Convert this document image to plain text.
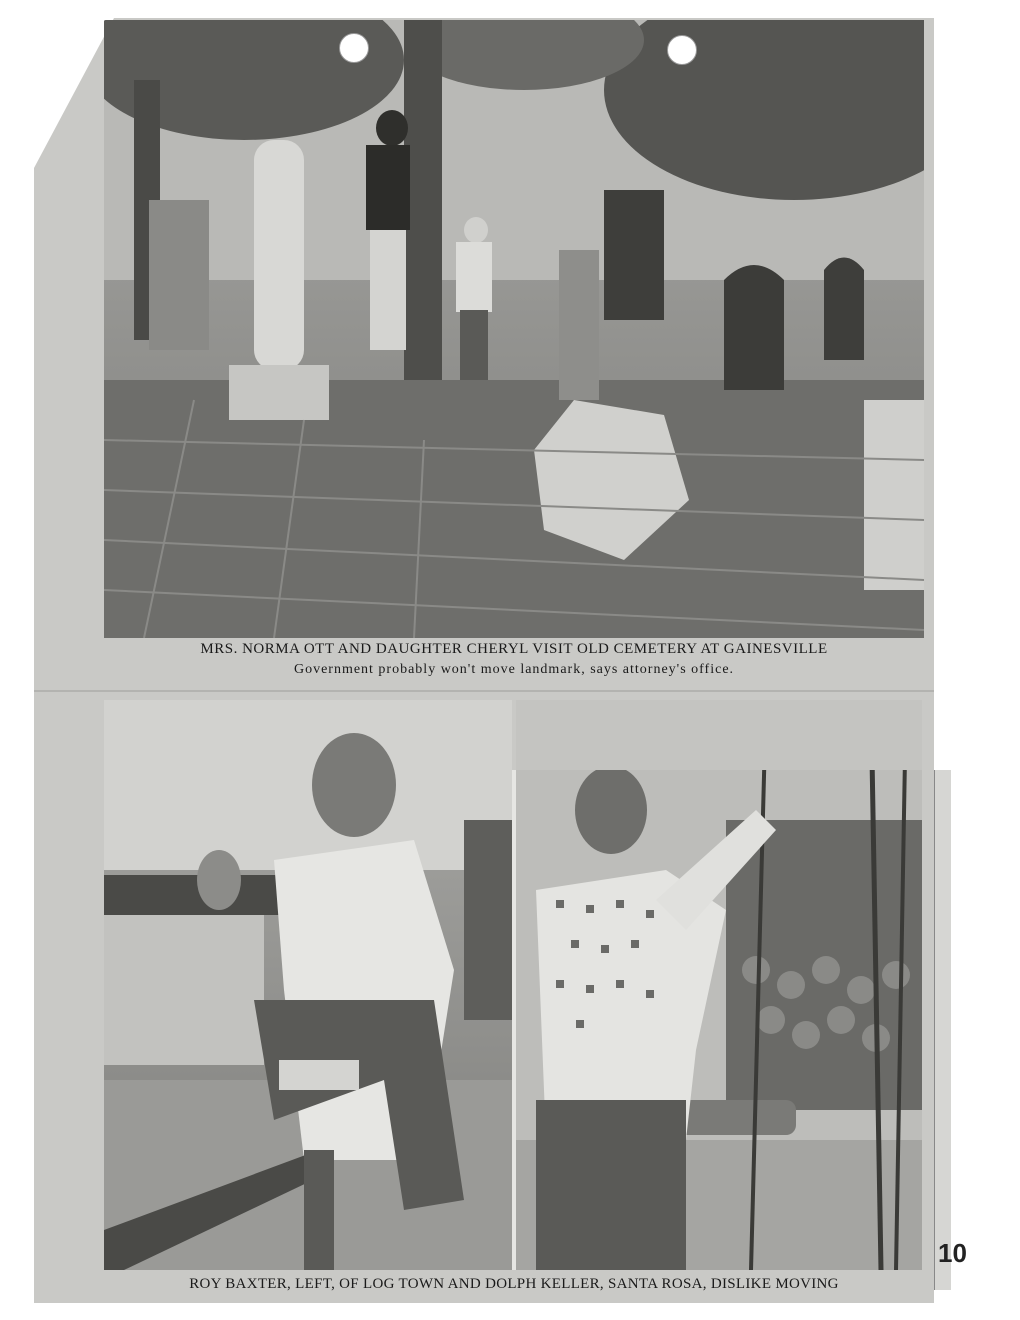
MRS. NORMA OTT AND DAUGHTER CHERYL VISIT OLD CEMETERY AT GAINESVILLE
Government probably won't move landmark, says attorney's office.
ROY BAXTER, LEFT, OF LOG TOWN AND DOLPH KELLER, SANTA ROSA, DISLIKE MOVING
10
